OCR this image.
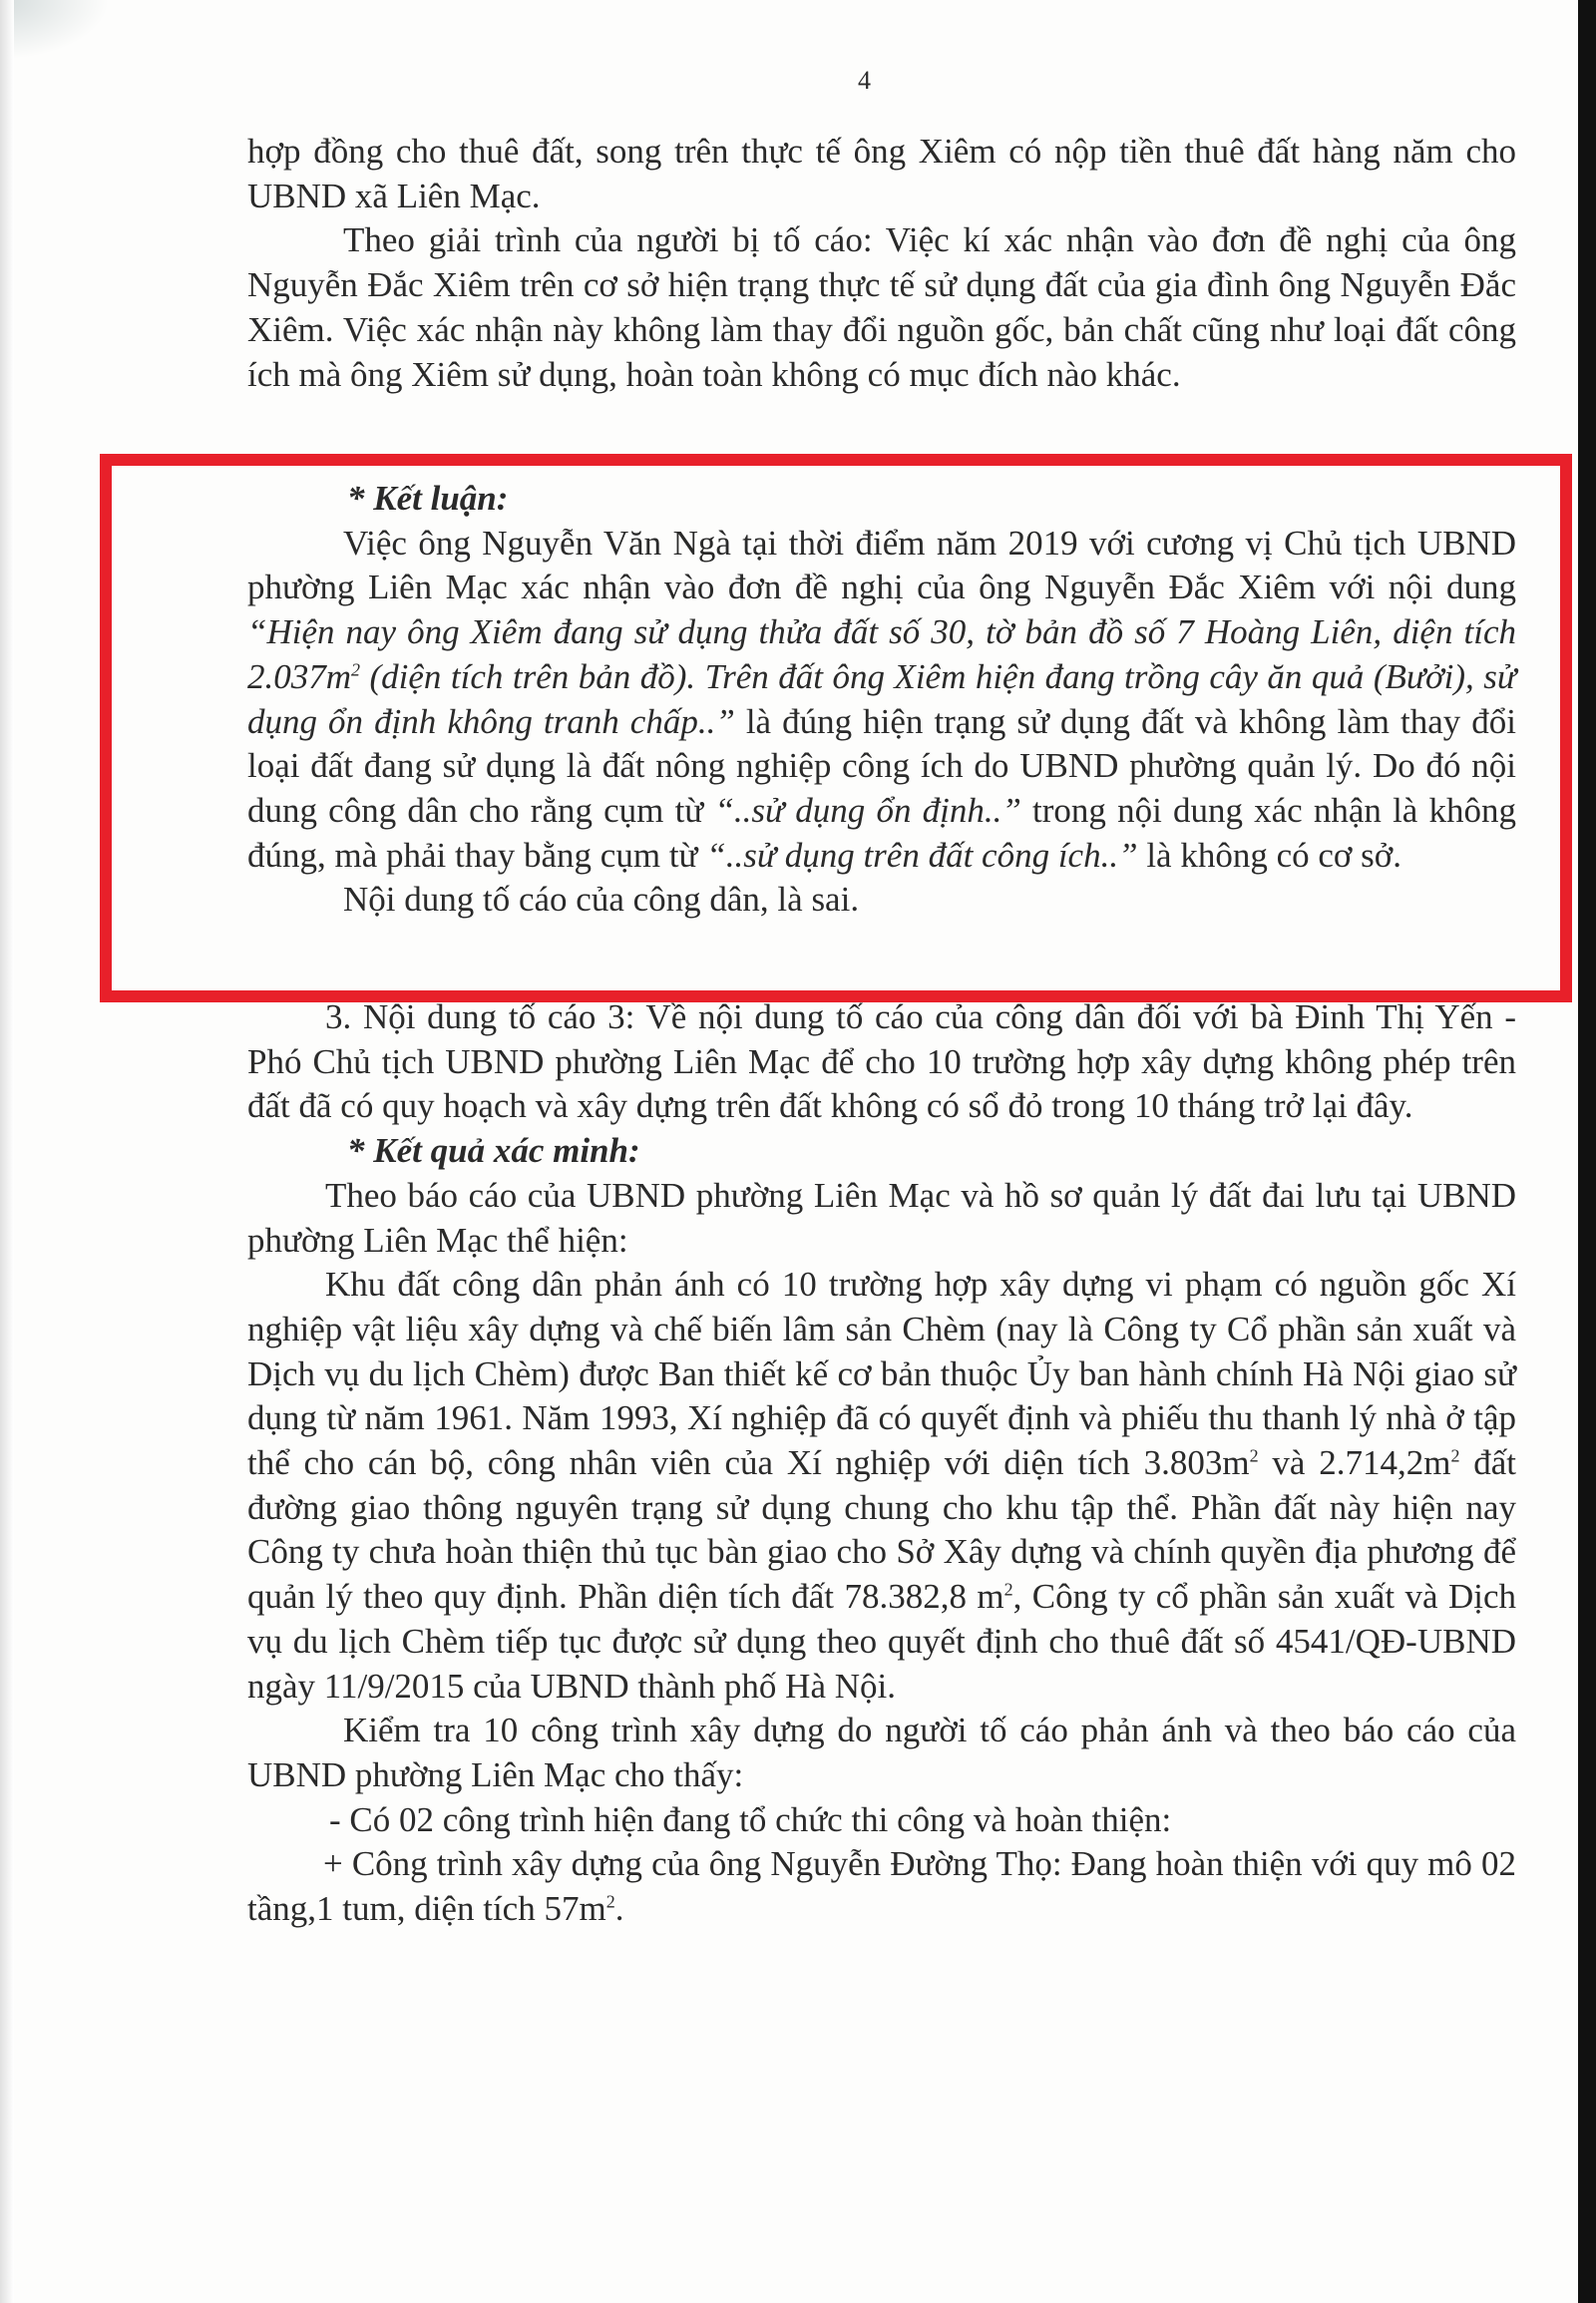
4

hợp đồng cho thuê đất, song trên thực tế ông Xiêm có nộp tiền thuê đất hàng năm cho UBND xã Liên Mạc.

Theo giải trình của người bị tố cáo: Việc kí xác nhận vào đơn đề nghị của ông Nguyễn Đắc Xiêm trên cơ sở hiện trạng thực tế sử dụng đất của gia đình ông Nguyễn Đắc Xiêm. Việc xác nhận này không làm thay đổi nguồn gốc, bản chất cũng như loại đất công ích mà ông Xiêm sử dụng, hoàn toàn không có mục đích nào khác.

* Kết luận:

Việc ông Nguyễn Văn Ngà tại thời điểm năm 2019 với cương vị Chủ tịch UBND phường Liên Mạc xác nhận vào đơn đề nghị của ông Nguyễn Đắc Xiêm với nội dung “Hiện nay ông Xiêm đang sử dụng thửa đất số 30, tờ bản đồ số 7 Hoàng Liên, diện tích $2.037m^2$ (diện tích trên bản đồ). Trên đất ông Xiêm hiện đang trồng cây ăn quả (Bưởi), sử dụng ổn định không tranh chấp..” là đúng hiện trạng sử dụng đất và không làm thay đổi loại đất đang sử dụng là đất nông nghiệp công ích do UBND phường quản lý. Do đó nội dung công dân cho rằng cụm từ “..sử dụng ổn định..” trong nội dung xác nhận là không đúng, mà phải thay bằng cụm từ “..sử dụng trên đất công ích..” là không có cơ sở.

Nội dung tố cáo của công dân, là sai.

3. Nội dung tố cáo 3: Về nội dung tố cáo của công dân đối với bà Đinh Thị Yến - Phó Chủ tịch UBND phường Liên Mạc để cho 10 trường hợp xây dựng không phép trên đất đã có quy hoạch và xây dựng trên đất không có sổ đỏ trong 10 tháng trở lại đây.

* Kết quả xác minh:

Theo báo cáo của UBND phường Liên Mạc và hồ sơ quản lý đất đai lưu tại UBND phường Liên Mạc thể hiện:

Khu đất công dân phản ánh có 10 trường hợp xây dựng vi phạm có nguồn gốc Xí nghiệp vật liệu xây dựng và chế biến lâm sản Chèm (nay là Công ty Cổ phần sản xuất và Dịch vụ du lịch Chèm) được Ban thiết kế cơ bản thuộc Ủy ban hành chính Hà Nội giao sử dụng từ năm 1961. Năm 1993, Xí nghiệp đã có quyết định và phiếu thu thanh lý nhà ở tập thể cho cán bộ, công nhân viên của Xí nghiệp với diện tích $3.803m^2$ và $2.714,2m^2$ đất đường giao thông nguyên trạng sử dụng chung cho khu tập thể. Phần đất này hiện nay Công ty chưa hoàn thiện thủ tục bàn giao cho Sở Xây dựng và chính quyền địa phương để quản lý theo quy định. Phần diện tích đất 78.382,8 $m^2$, Công ty cổ phần sản xuất và Dịch vụ du lịch Chèm tiếp tục được sử dụng theo quyết định cho thuê đất số 4541/QĐ-UBND ngày 11/9/2015 của UBND thành phố Hà Nội.

Kiểm tra 10 công trình xây dựng do người tố cáo phản ánh và theo báo cáo của UBND phường Liên Mạc cho thấy:

- Có 02 công trình hiện đang tổ chức thi công và hoàn thiện:

+ Công trình xây dựng của ông Nguyễn Đường Thọ: Đang hoàn thiện với quy mô 02 tầng,1 tum, diện tích $57m^2$.
